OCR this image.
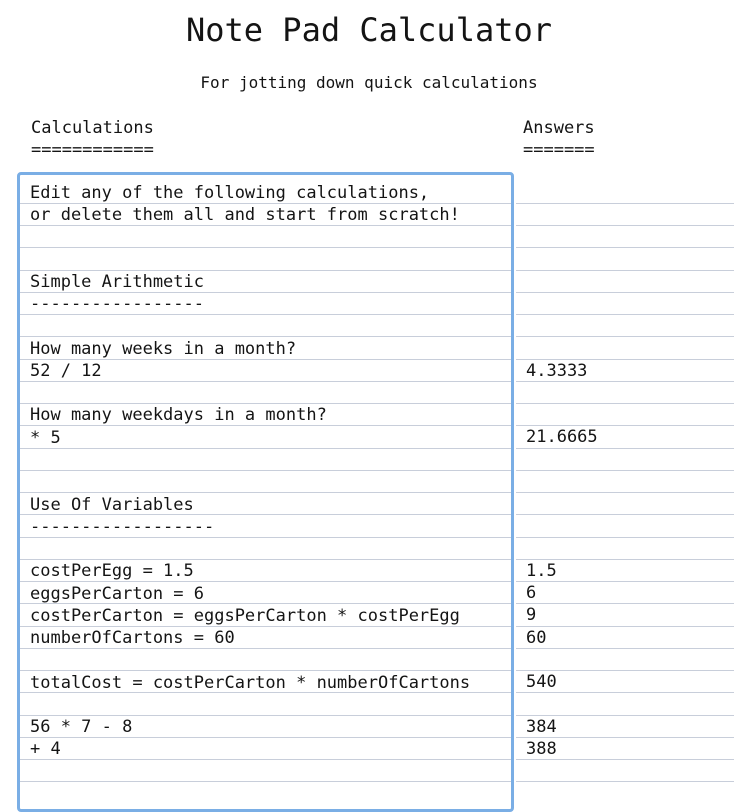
Note Pad Calculator

For jotting down quick calculations

Calculations
============
Answers
=======
4.3333
21.6665
1.5
6
9
60
540
384
388
Edit any of the following calculations, or delete them all and start from scratch! Simple Arithmetic ----------------- How many weeks in a month? 52 / 12 How many weekdays in a month? * 5 Use Of Variables ------------------ costPerEgg = 1.5 eggsPerCarton = 6 costPerCarton = eggsPerCarton * costPerEgg numberOfCartons = 60 totalCost = costPerCarton * numberOfCartons 56 * 7 - 8 + 4
